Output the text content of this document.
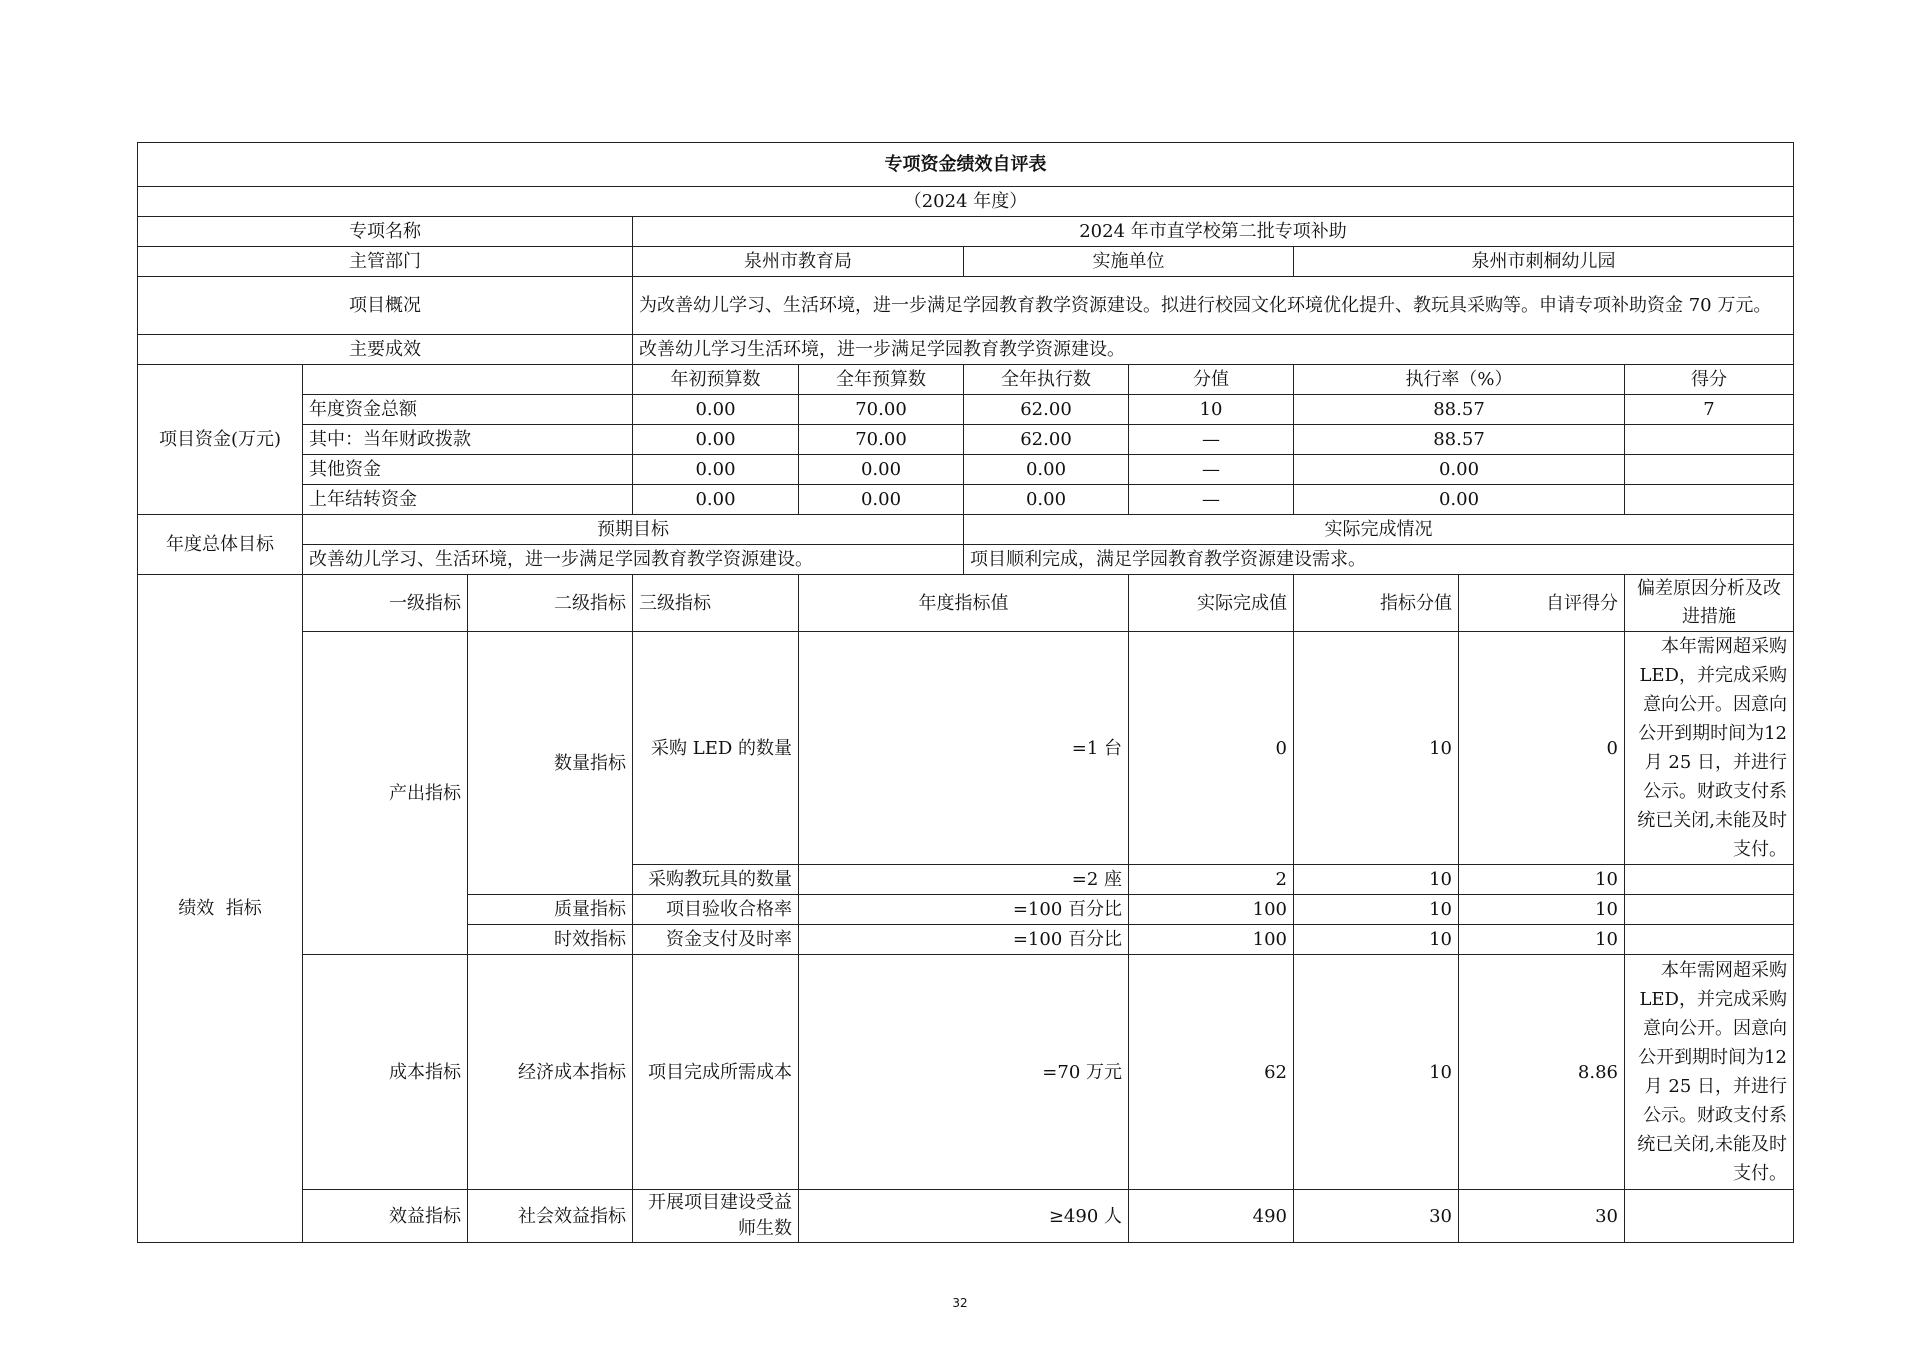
专项资金绩效自评表									
（2024 年度）									
专项名称			2024 年市直学校第二批专项补助						
主管部门			泉州市教育局		实施单位		泉州市刺桐幼儿园		
项目概况			为改善幼儿学习、生活环境，进一步满足学园教育教学资源建设。拟进行校园文化环境优化提升、教玩具采购等。申请专项补助资金 70 万元。						
主要成效			改善幼儿学习生活环境，进一步满足学园教育教学资源建设。						
项目资金(万元)			年初预算数	全年预算数	全年执行数	分值	执行率（%）		得分
	年度资金总额		0.00	70.00	62.00	10	88.57		7
	其中：当年财政拨款		0.00	70.00	62.00	—	88.57		
	其他资金		0.00	0.00	0.00	—	0.00		
	上年结转资金		0.00	0.00	0.00	—	0.00		
年度总体目标	预期目标				实际完成情况				
	改善幼儿学习、生活环境，进一步满足学园教育教学资源建设。				项目顺利完成，满足学园教育教学资源建设需求。				
绩效  指标	一级指标	二级指标	三级指标	年度指标值		实际完成值	指标分值	自评得分	偏差原因分析及改进措施
	产出指标	数量指标	采购 LED 的数量	=1 台		0	10	0	本年需网超采购LED，并完成采购意向公开。因意向公开到期时间为12 月 25 日，并进行公示。财政支付系统已关闭,未能及时支付。
			采购教玩具的数量	=2 座		2	10	10	
		质量指标	项目验收合格率	=100 百分比		100	10	10	
		时效指标	资金支付及时率	=100 百分比		100	10	10	
	成本指标	经济成本指标	项目完成所需成本	=70 万元		62	10	8.86	本年需网超采购LED，并完成采购意向公开。因意向公开到期时间为12 月 25 日，并进行公示。财政支付系统已关闭,未能及时支付。
	效益指标	社会效益指标	开展项目建设受益师生数	≥490 人		490	30	30	
32
